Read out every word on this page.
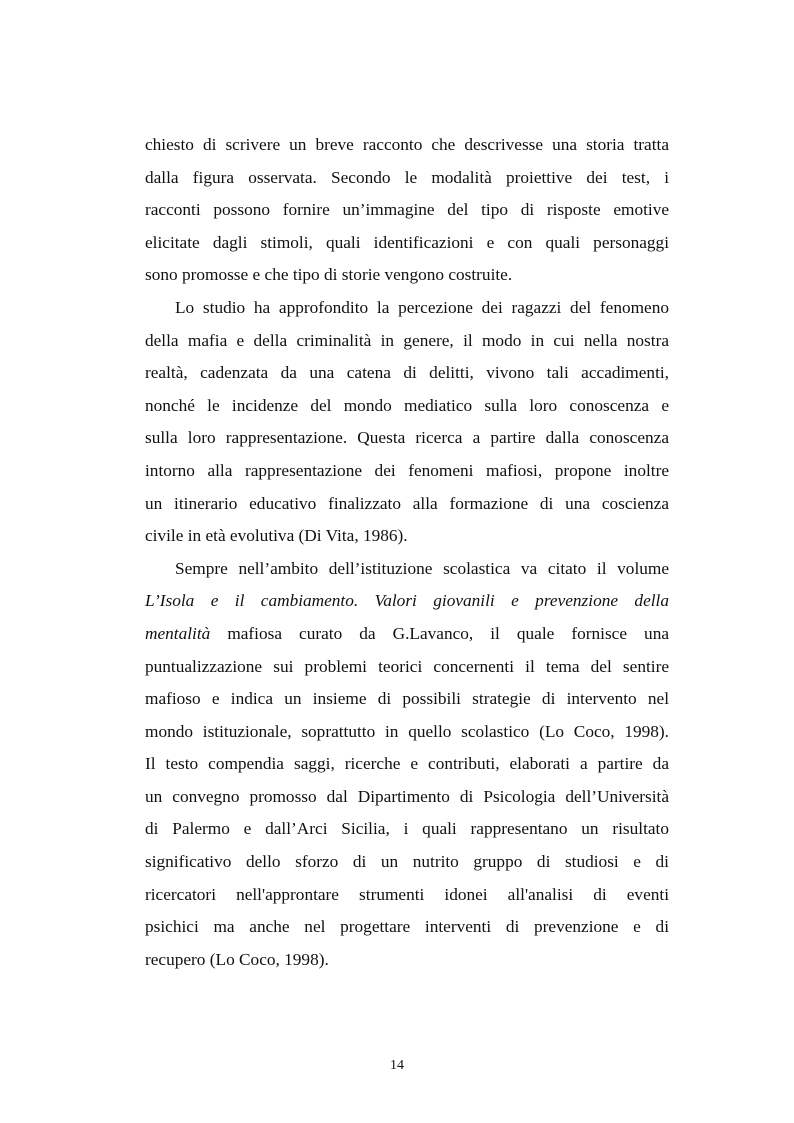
chiesto di scrivere un breve racconto che descrivesse una storia tratta
dalla figura osservata. Secondo le modalità proiettive dei test, i
racconti possono fornire un’immagine del tipo di risposte emotive
elicitate dagli stimoli, quali identificazioni e con quali personaggi
sono promosse e che tipo di storie vengono costruite.
Lo studio ha approfondito la percezione dei ragazzi del fenomeno
della mafia e della criminalità in genere, il modo in cui nella nostra
realtà, cadenzata da una catena di delitti, vivono tali accadimenti,
nonché le incidenze del mondo mediatico sulla loro conoscenza e
sulla loro rappresentazione. Questa ricerca a partire dalla conoscenza
intorno alla rappresentazione dei fenomeni mafiosi, propone inoltre
un itinerario educativo finalizzato alla formazione di una coscienza
civile in età evolutiva (Di Vita, 1986).
Sempre nell’ambito dell’istituzione scolastica va citato il volume
L’Isola e il cambiamento. Valori giovanili e prevenzione della
mentalità mafiosa curato da G.Lavanco, il quale fornisce una
puntualizzazione sui problemi teorici concernenti il tema del sentire
mafioso e indica un insieme di possibili strategie di intervento nel
mondo istituzionale, soprattutto in quello scolastico (Lo Coco, 1998).
Il testo compendia saggi, ricerche e contributi, elaborati a partire da
un convegno promosso dal Dipartimento di Psicologia dell’Università
di Palermo e dall’Arci Sicilia, i quali rappresentano un risultato
significativo dello sforzo di un nutrito gruppo di studiosi e di
ricercatori nell'approntare strumenti idonei all'analisi di eventi
psichici ma anche nel progettare interventi di prevenzione e di
recupero (Lo Coco, 1998).
14
